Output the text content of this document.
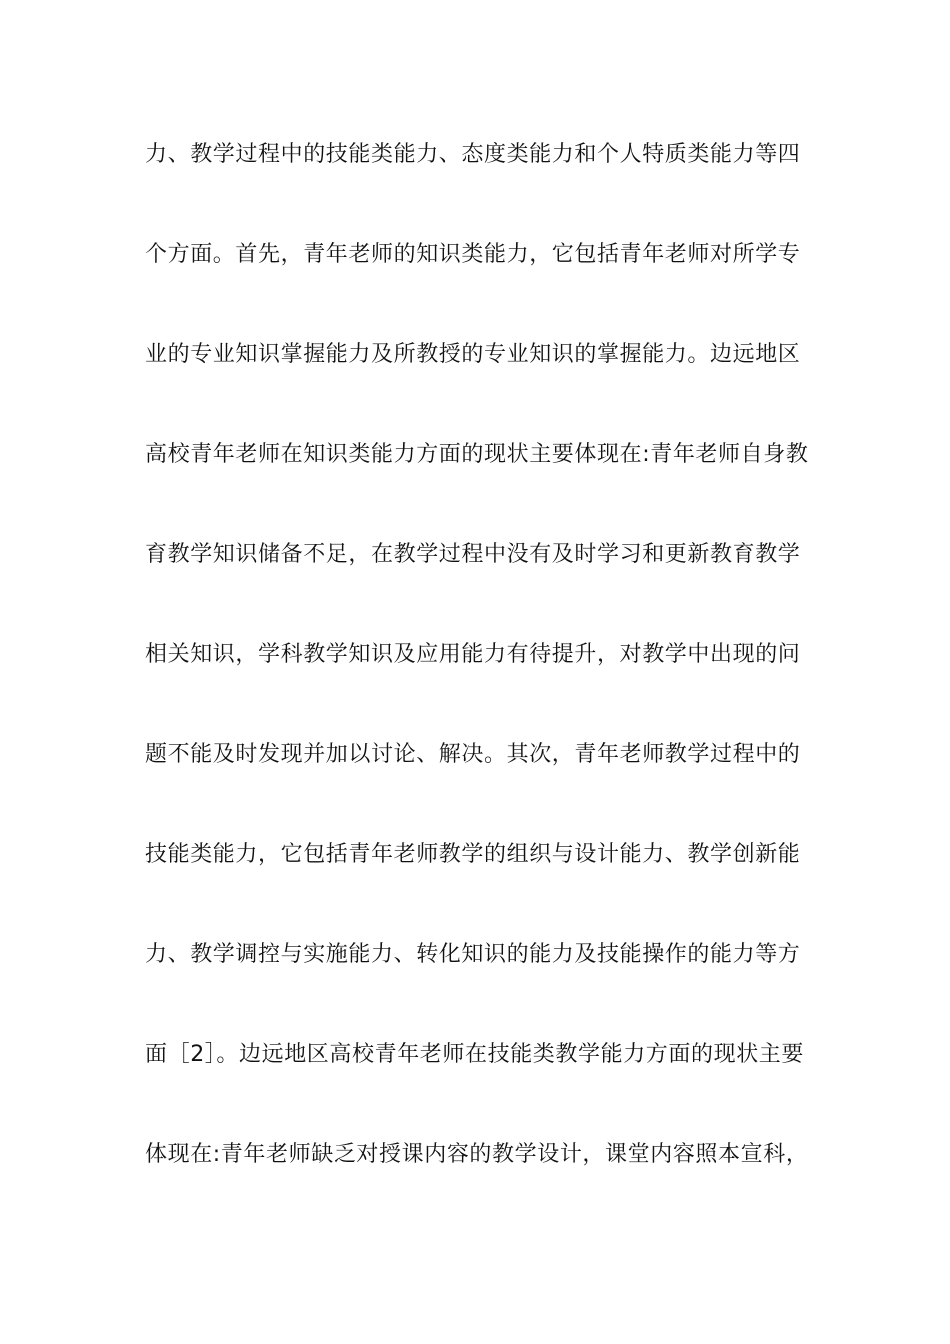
力、教学过程中的技能类能力、态度类能力和个人特质类能力等四
个方面。首先，青年老师的知识类能力，它包括青年老师对所学专
业的专业知识掌握能力及所教授的专业知识的掌握能力。边远地区
高校青年老师在知识类能力方面的现状主要体现在:青年老师自身教
育教学知识储备不足，在教学过程中没有及时学习和更新教育教学
相关知识，学科教学知识及应用能力有待提升，对教学中出现的问
题不能及时发现并加以讨论、解决。其次，青年老师教学过程中的
技能类能力，它包括青年老师教学的组织与设计能力、教学创新能
力、教学调控与实施能力、转化知识的能力及技能操作的能力等方
面［2］。边远地区高校青年老师在技能类教学能力方面的现状主要
体现在:青年老师缺乏对授课内容的教学设计，课堂内容照本宣科，
